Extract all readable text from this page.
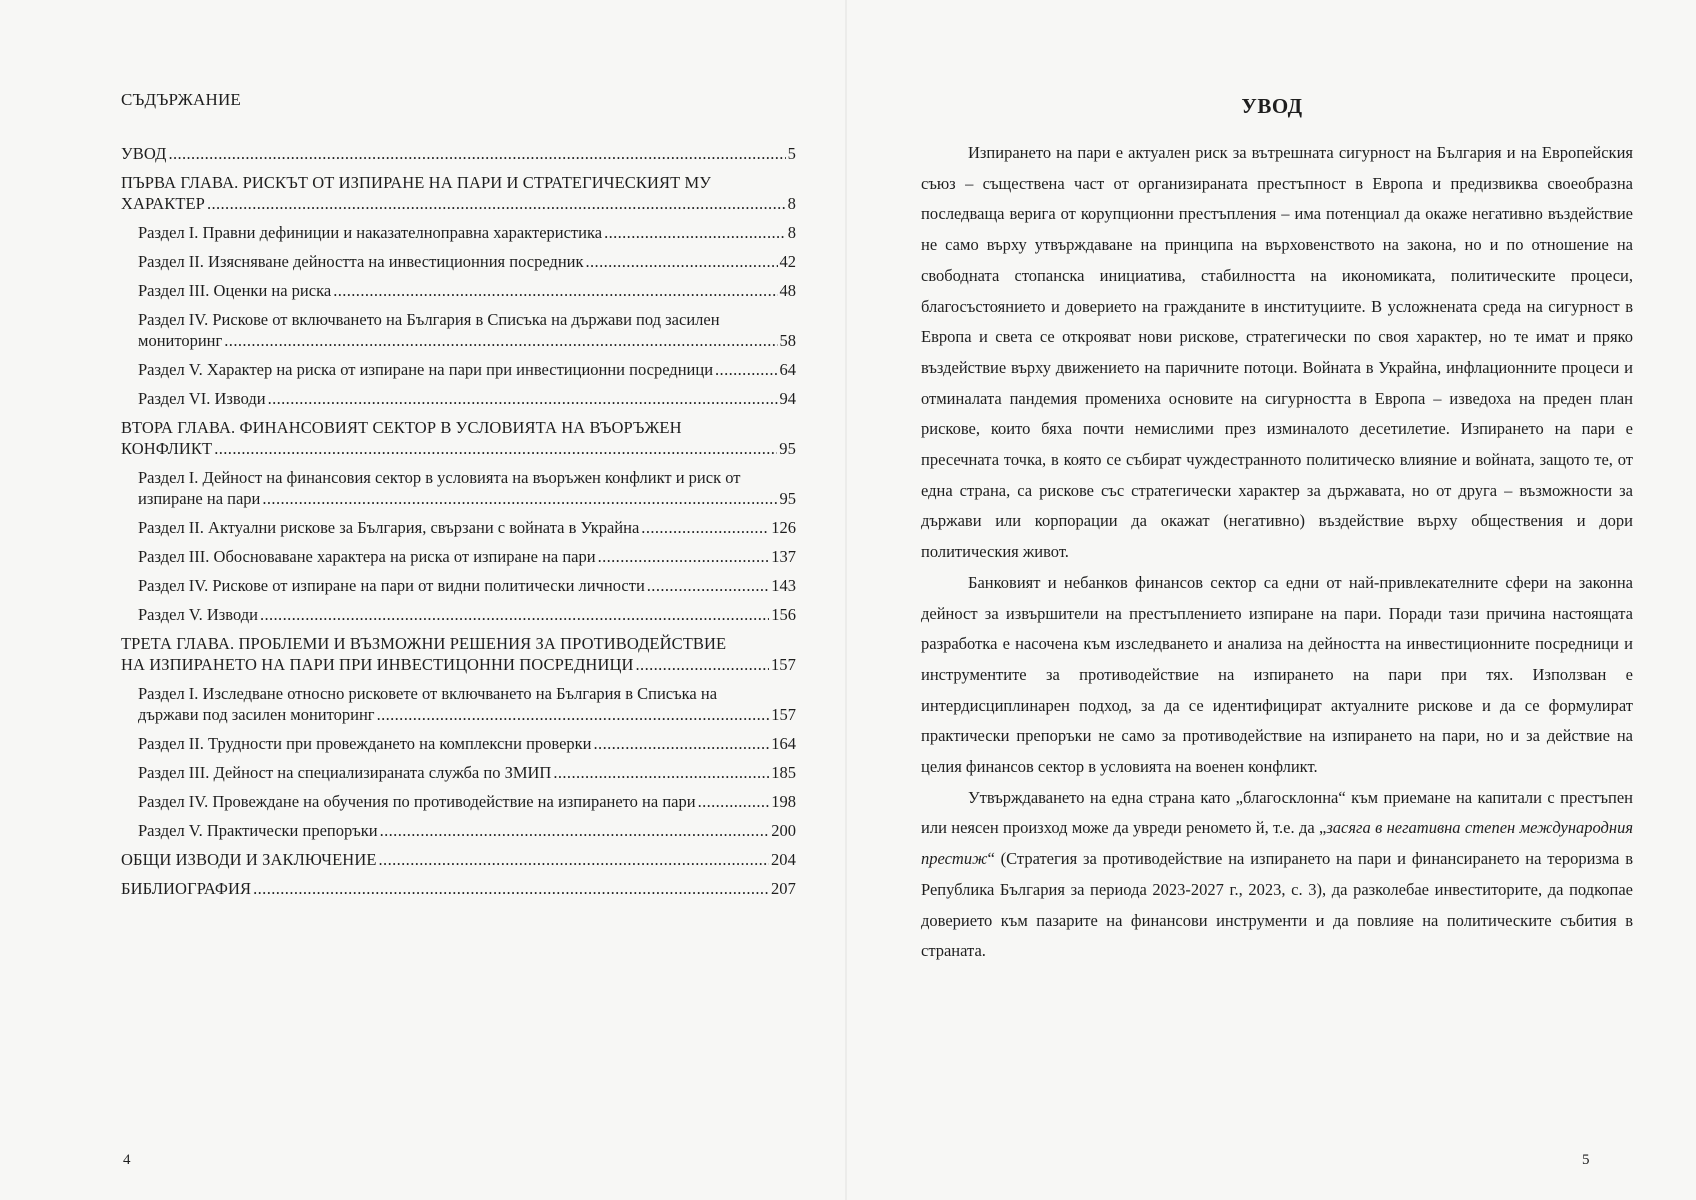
СЪДЪРЖАНИЕ
УВОД .....	5
ПЪРВА ГЛАВА. РИСКЪТ ОТ ИЗПИРАНЕ НА ПАРИ И СТРАТЕГИЧЕСКИЯТ МУ
ХАРАКТЕР .....	8
Раздел I. Правни дефиниции и наказателноправна характеристика .....	8
Раздел II. Изясняване дейността на инвестиционния посредник .....	42
Раздел III. Оценки на риска .....	48
Раздел IV. Рискове от включването на България в Списъка на държави под засилен
мониторинг .....	58
Раздел V. Характер на риска от изпиране на пари при инвестиционни посредници .....	64
Раздел VI. Изводи .....	94
ВТОРА ГЛАВА. ФИНАНСОВИЯТ СЕКТОР В УСЛОВИЯТА НА ВЪОРЪЖЕН
КОНФЛИКТ .....	95
Раздел I. Дейност на финансовия сектор в условията на въоръжен конфликт и риск от
изпиране на пари .....	95
Раздел II. Актуални рискове за България, свързани с войната в Украйна .....	126
Раздел III. Обосноваване характера на риска от изпиране на пари .....	137
Раздел IV. Рискове от изпиране на пари от видни политически личности .....	143
Раздел V. Изводи .....	156
ТРЕТА ГЛАВА. ПРОБЛЕМИ И ВЪЗМОЖНИ РЕШЕНИЯ ЗА ПРОТИВОДЕЙСТВИЕ
НА ИЗПИРАНЕТО НА ПАРИ ПРИ ИНВЕСТИЦОННИ ПОСРЕДНИЦИ .....	157
Раздел I. Изследване относно рисковете от включването на България в Списъка на
държави под засилен мониторинг .....	157
Раздел II. Трудности при провеждането на комплексни проверки .....	164
Раздел III. Дейност на специализираната служба по ЗМИП .....	185
Раздел IV. Провеждане на обучения по противодействие на изпирането на пари .....	198
Раздел V. Практически препоръки .....	200
ОБЩИ ИЗВОДИ И ЗАКЛЮЧЕНИЕ .....	204
БИБЛИОГРАФИЯ .....	207
4
УВОД

Изпирането на пари е актуален риск за вътрешната сигурност на България и на Европейския съюз – съществена част от организираната престъпност в Европа и предизвиква своеобразна последваща верига от корупционни престъпления – има потенциал да окаже негативно въздействие не само върху утвърждаване на принципа на върховенството на закона, но и по отношение на свободната стопанска инициатива, стабилността на икономиката, политическите процеси, благосъстоянието и доверието на гражданите в институциите. В усложнената среда на сигурност в Европа и света се открояват нови рискове, стратегически по своя характер, но те имат и пряко въздействие върху движението на паричните потоци. Войната в Украйна, инфлационните процеси и отминалата пандемия промениха основите на сигурността в Европа – изведоха на преден план рискове, които бяха почти немислими през изминалото десетилетие. Изпирането на пари е пресечната точка, в която се събират чуждестранното политическо влияние и войната, защото те, от една страна, са рискове със стратегически характер за държавата, но от друга – възможности за държави или корпорации да окажат (негативно) въздействие върху обществения и дори политическия живот.

Банковият и небанков финансов сектор са едни от най-привлекателните сфери на законна дейност за извършители на престъплението изпиране на пари. Поради тази причина настоящата разработка е насочена към изследването и анализа на дейността на инвестиционните посредници и инструментите за противодействие на изпирането на пари при тях. Използван е интердисциплинарен подход, за да се идентифицират актуалните рискове и да се формулират практически препоръки не само за противодействие на изпирането на пари, но и за действие на целия финансов сектор в условията на военен конфликт.

Утвърждаването на една страна като „благосклонна“ към приемане на капитали с престъпен или неясен произход може да увреди реномето й, т.е. да „засяга в негативна степен международния престиж“ (Стратегия за противодействие на изпирането на пари и финансирането на тероризма в Република България за периода 2023-2027 г., 2023, с. 3), да разколебае инвеститорите, да подкопае доверието към пазарите на финансови инструменти и да повлияе на политическите събития в страната.

5
